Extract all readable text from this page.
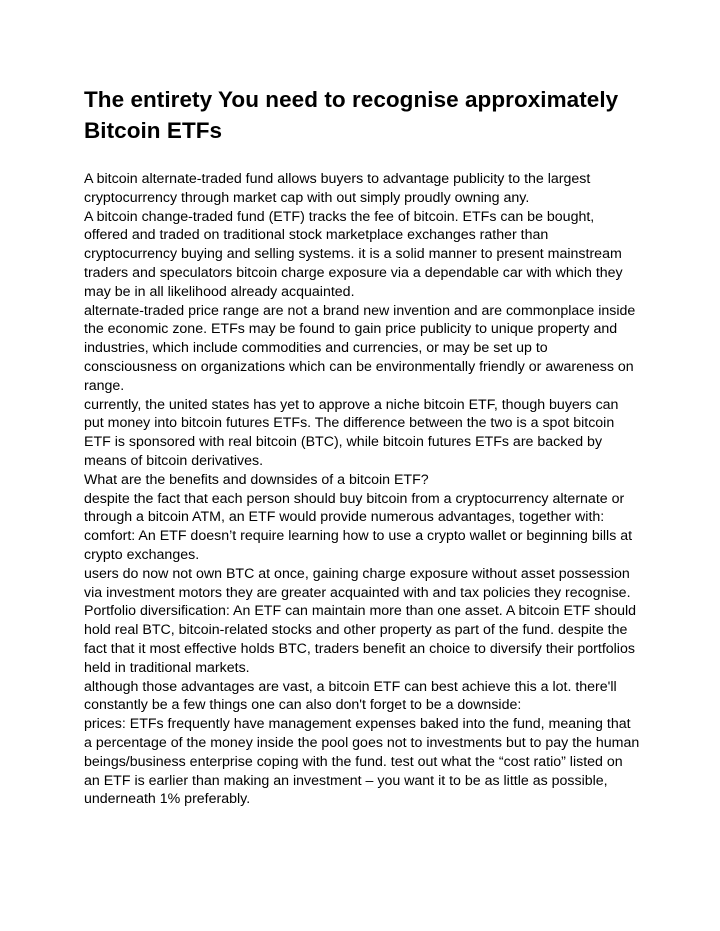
The entirety You need to recognise approximately Bitcoin ETFs

A bitcoin alternate-traded fund allows buyers to advantage publicity to the largest cryptocurrency through market cap with out simply proudly owning any.

A bitcoin change-traded fund (ETF) tracks the fee of bitcoin. ETFs can be bought, offered and traded on traditional stock marketplace exchanges rather than cryptocurrency buying and selling systems. it is a solid manner to present mainstream traders and speculators bitcoin charge exposure via a dependable car with which they may be in all likelihood already acquainted.

alternate-traded price range are not a brand new invention and are commonplace inside the economic zone. ETFs may be found to gain price publicity to unique property and industries, which include commodities and currencies, or may be set up to consciousness on organizations which can be environmentally friendly or awareness on range.

currently, the united states has yet to approve a niche bitcoin ETF, though buyers can put money into bitcoin futures ETFs. The difference between the two is a spot bitcoin ETF is sponsored with real bitcoin (BTC), while bitcoin futures ETFs are backed by means of bitcoin derivatives.

What are the benefits and downsides of a bitcoin ETF?

despite the fact that each person should buy bitcoin from a cryptocurrency alternate or through a bitcoin ATM, an ETF would provide numerous advantages, together with:

comfort: An ETF doesn’t require learning how to use a crypto wallet or beginning bills at crypto exchanges.

users do now not own BTC at once, gaining charge exposure without asset possession via investment motors they are greater acquainted with and tax policies they recognise.

Portfolio diversification: An ETF can maintain more than one asset. A bitcoin ETF should hold real BTC, bitcoin-related stocks and other property as part of the fund. despite the fact that it most effective holds BTC, traders benefit an choice to diversify their portfolios held in traditional markets.

although those advantages are vast, a bitcoin ETF can best achieve this a lot. there'll constantly be a few things one can also don't forget to be a downside:

prices: ETFs frequently have management expenses baked into the fund, meaning that a percentage of the money inside the pool goes not to investments but to pay the human beings/business enterprise coping with the fund. test out what the “cost ratio” listed on an ETF is earlier than making an investment – you want it to be as little as possible, underneath 1% preferably.
